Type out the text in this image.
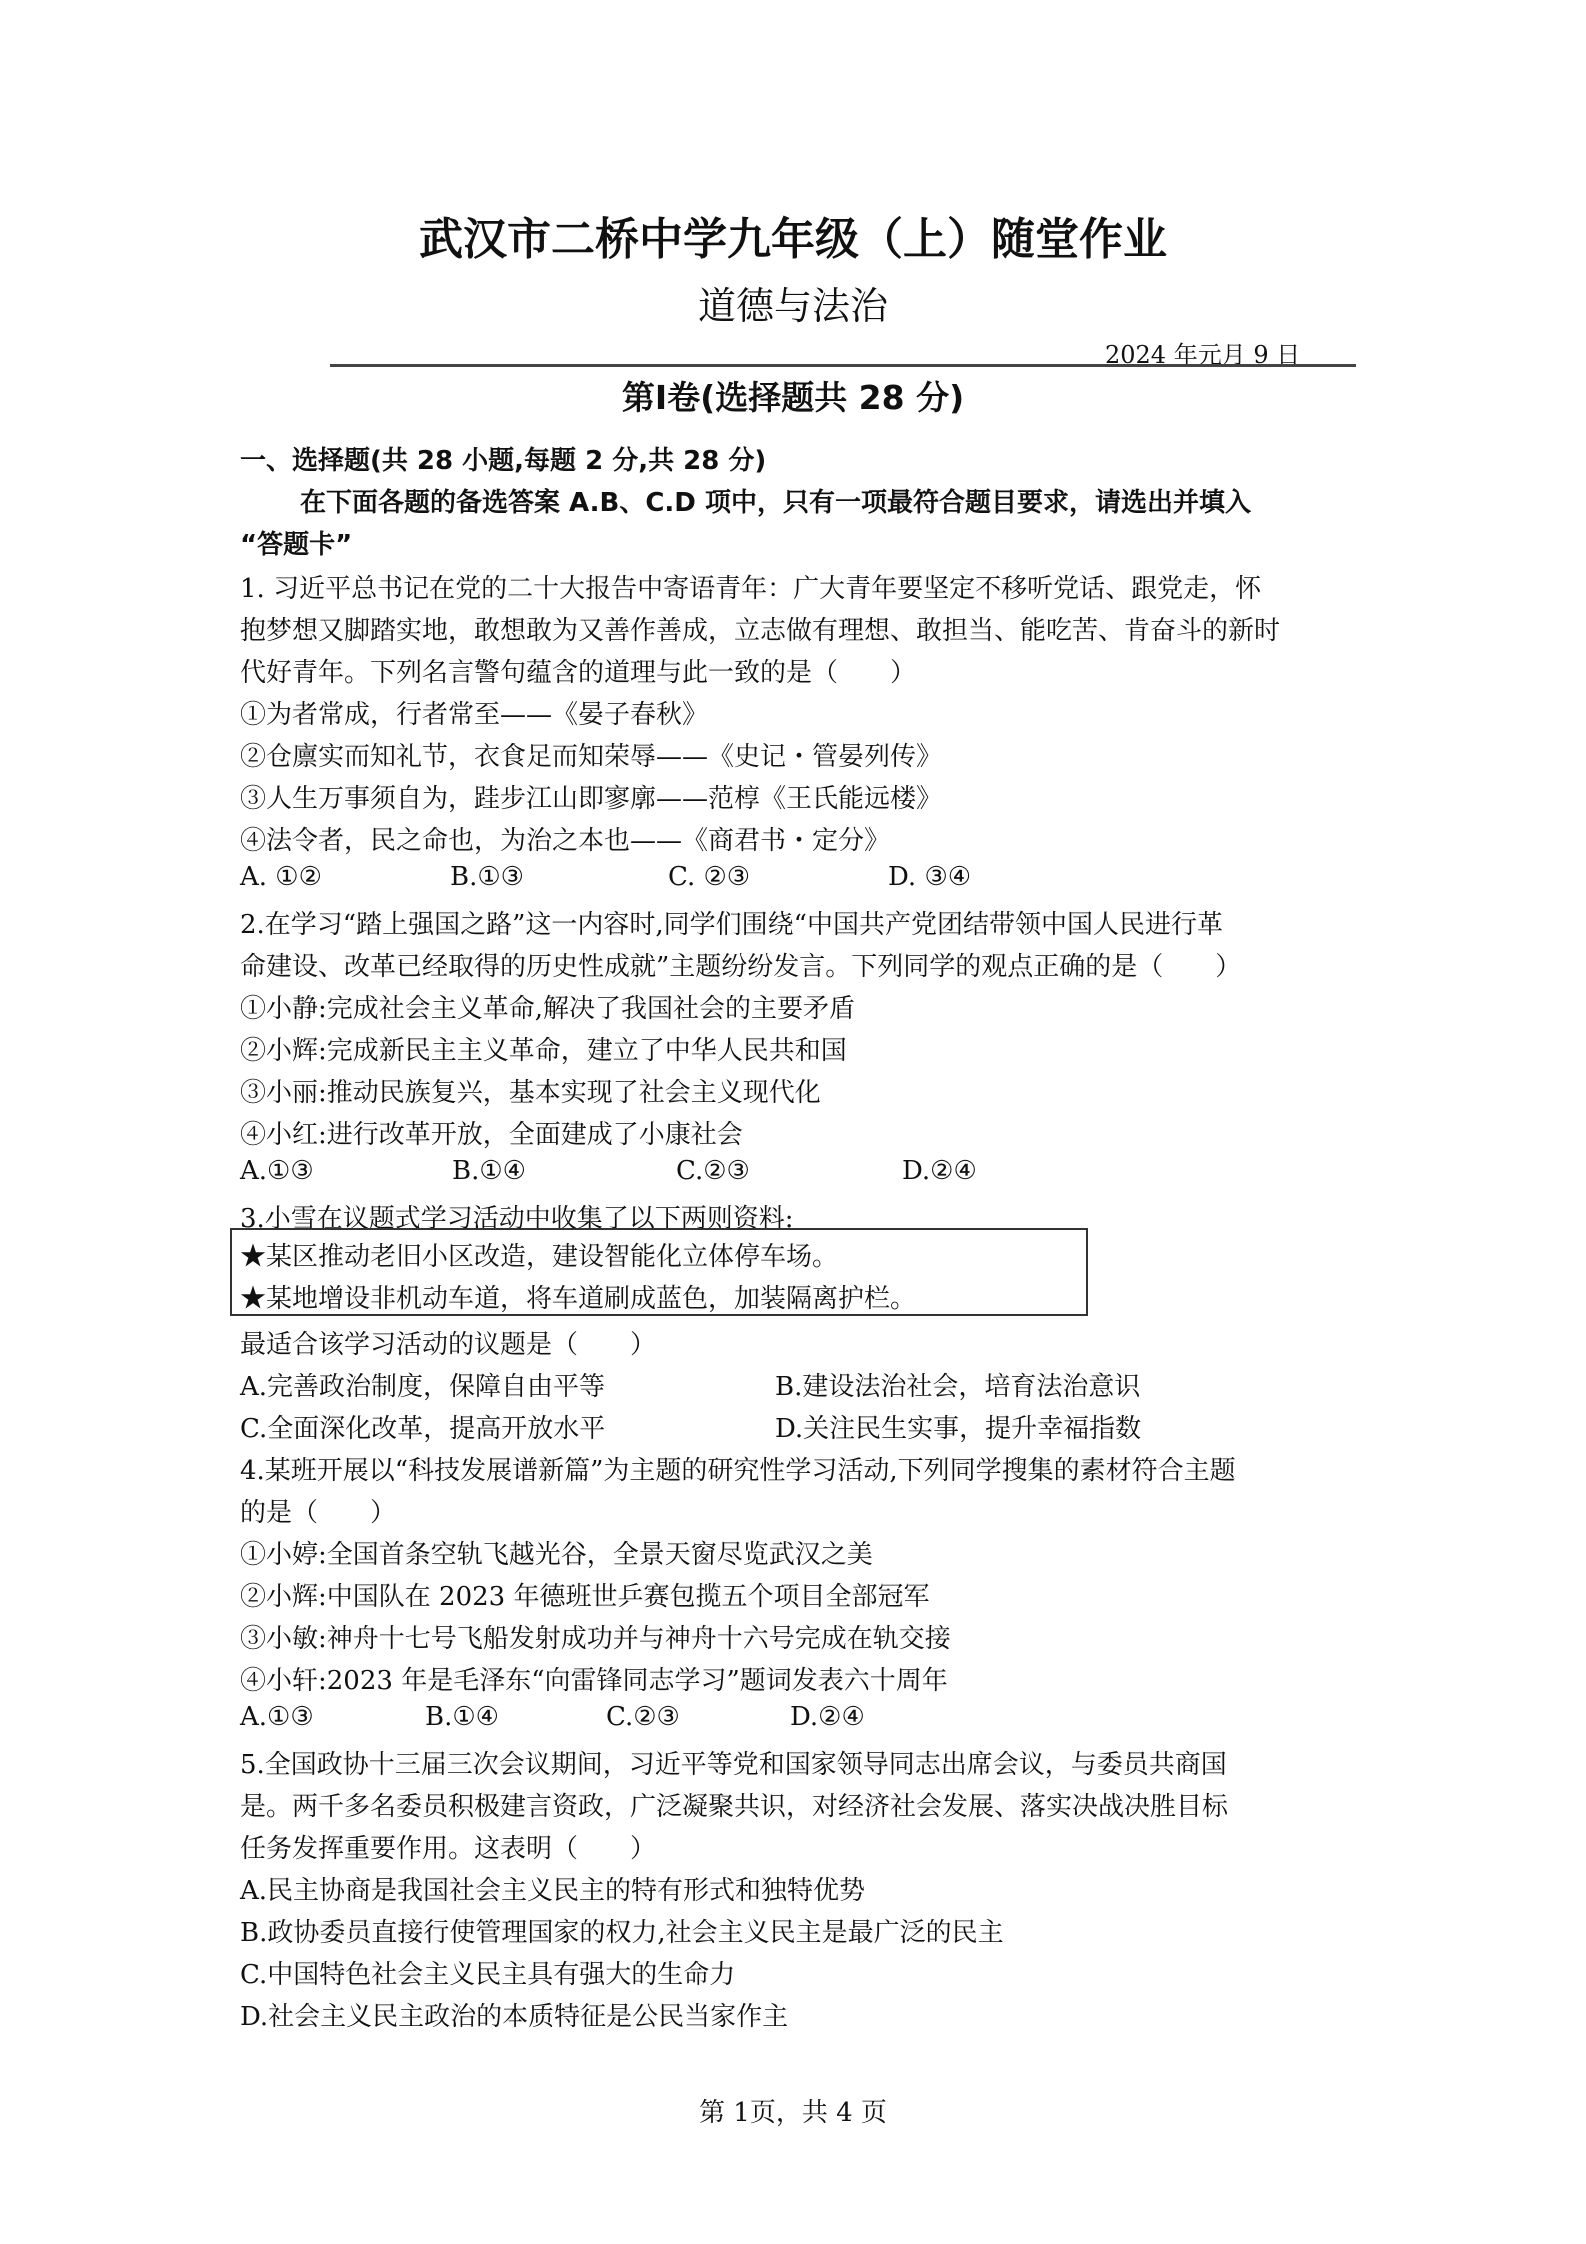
武汉市二桥中学九年级（上）随堂作业
道德与法治
2024 年元月 9 日
第Ⅰ卷(选择题共 28 分)
一、选择题(共 28 小题,每题 2 分,共 28 分)
在下面各题的备选答案 A.B、C.D 项中，只有一项最符合题目要求，请选出并填入
“答题卡”
1. 习近平总书记在党的二十大报告中寄语青年：广大青年要坚定不移听党话、跟党走，怀
抱梦想又脚踏实地，敢想敢为又善作善成，立志做有理想、敢担当、能吃苦、肯奋斗的新时
代好青年。下列名言警句蕴含的道理与此一致的是（　　）
①为者常成，行者常至——《晏子春秋》
②仓廪实而知礼节，衣食足而知荣辱——《史记・管晏列传》
③人生万事须自为，跬步江山即寥廓——范椁《王氏能远楼》
④法令者，民之命也，为治之本也——《商君书・定分》
A. ①②	B.①③	C. ②③	D. ③④
2.在学习“踏上强国之路”这一内容时,同学们围绕“中国共产党团结带领中国人民进行革
命建设、改革已经取得的历史性成就”主题纷纷发言。下列同学的观点正确的是（　　）
①小静:完成社会主义革命,解决了我国社会的主要矛盾
②小辉:完成新民主主义革命，建立了中华人民共和国
③小丽:推动民族复兴，基本实现了社会主义现代化
④小红:进行改革开放，全面建成了小康社会
A.①③	B.①④	C.②③	D.②④
3.小雪在议题式学习活动中收集了以下两则资料:
★某区推动老旧小区改造，建设智能化立体停车场。
★某地增设非机动车道，将车道刷成蓝色，加装隔离护栏。
最适合该学习活动的议题是（　　）
A.完善政治制度，保障自由平等	B.建设法治社会，培育法治意识
C.全面深化改革，提高开放水平	D.关注民生实事，提升幸福指数
4.某班开展以“科技发展谱新篇”为主题的研究性学习活动,下列同学搜集的素材符合主题
的是（　　）
①小婷:全国首条空轨飞越光谷，全景天窗尽览武汉之美
②小辉:中国队在 2023 年德班世乒赛包揽五个项目全部冠军
③小敏:神舟十七号飞船发射成功并与神舟十六号完成在轨交接
④小轩:2023 年是毛泽东“向雷锋同志学习”题词发表六十周年
A.①③	B.①④	C.②③	D.②④
5.全国政协十三届三次会议期间，习近平等党和国家领导同志出席会议，与委员共商国
是。两千多名委员积极建言资政，广泛凝聚共识，对经济社会发展、落实决战决胜目标
任务发挥重要作用。这表明（　　）
A.民主协商是我国社会主义民主的特有形式和独特优势
B.政协委员直接行使管理国家的权力,社会主义民主是最广泛的民主
C.中国特色社会主义民主具有强大的生命力
D.社会主义民主政治的本质特征是公民当家作主
第 1页，共 4 页
